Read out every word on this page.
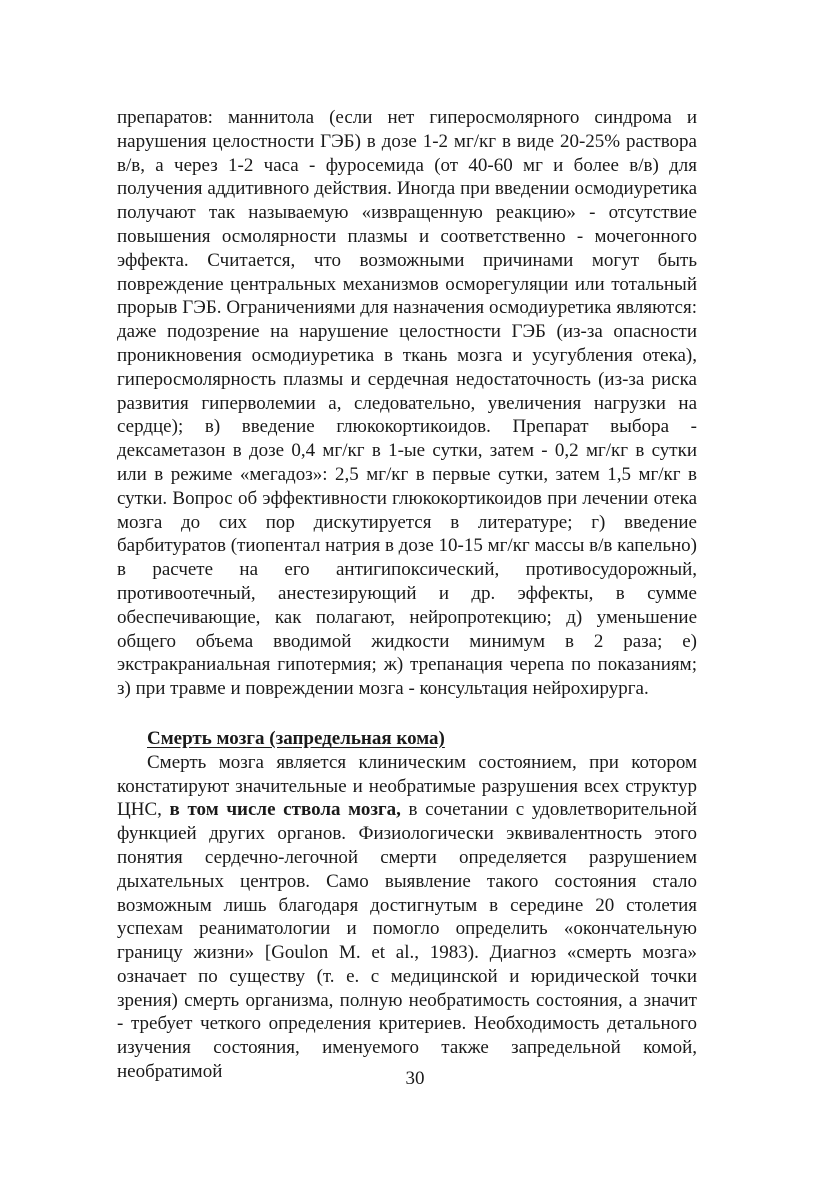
препаратов: маннитола (если нет гиперосмолярного синдрома и нарушения целостности ГЭБ) в дозе 1-2 мг/кг в виде 20-25% раствора в/в, а через 1-2 часа - фуросемида (от 40-60 мг и более в/в) для получения аддитивного действия. Иногда при введении осмодиуретика получают так называемую «извращенную реакцию» - отсутствие повышения осмолярности плазмы и соответственно - мочегонного эффекта. Считается, что возможными причинами могут быть повреждение центральных механизмов осморегуляции или тотальный прорыв ГЭБ. Ограничениями для назначения осмодиуретика являются: даже подозрение на нарушение целостности ГЭБ (из-за опасности проникновения осмодиуретика в ткань мозга и усугубления отека), гиперосмолярность плазмы и сердечная недостаточность (из-за риска развития гиперволемии а, следовательно, увеличения нагрузки на сердце); в) введение глюкокортикоидов. Препарат выбора - дексаметазон в дозе 0,4 мг/кг в 1-ые сутки, затем - 0,2 мг/кг в сутки или в режиме «мегадоз»: 2,5 мг/кг в первые сутки, затем 1,5 мг/кг в сутки. Вопрос об эффективности глюкокортикоидов при лечении отека мозга до сих пор дискутируется в литературе; г) введение барбитуратов (тиопентал натрия в дозе 10-15 мг/кг массы в/в капельно) в расчете на его антигипоксический, противосудорожный, противоотечный, анестезирующий и др. эффекты, в сумме обеспечивающие, как полагают, нейропротекцию; д) уменьшение общего объема вводимой жидкости минимум в 2 раза; е) экстракраниальная гипотермия; ж) трепанация черепа по показаниям; з) при травме и повреждении мозга - консультация нейрохирурга.

Смерть мозга (запредельная кома)

Смерть мозга является клиническим состоянием, при котором констатируют значительные и необратимые разрушения всех структур ЦНС, в том числе ствола мозга, в сочетании с удовлетворительной функцией других органов. Физиологически эквивалентность этого понятия сердечно-легочной смерти определяется разрушением дыхательных центров. Само выявление такого состояния стало возможным лишь благодаря достигнутым в середине 20 столетия успехам реаниматологии и помогло определить «окончательную границу жизни» [Goulon M. et al., 1983). Диагноз «смерть мозга» означает по существу (т. е. с медицинской и юридической точки зрения) смерть организма, полную необратимость состояния, а значит - требует четкого определения критериев. Необходимость детального изучения состояния, именуемого также запредельной комой, необратимой	30
